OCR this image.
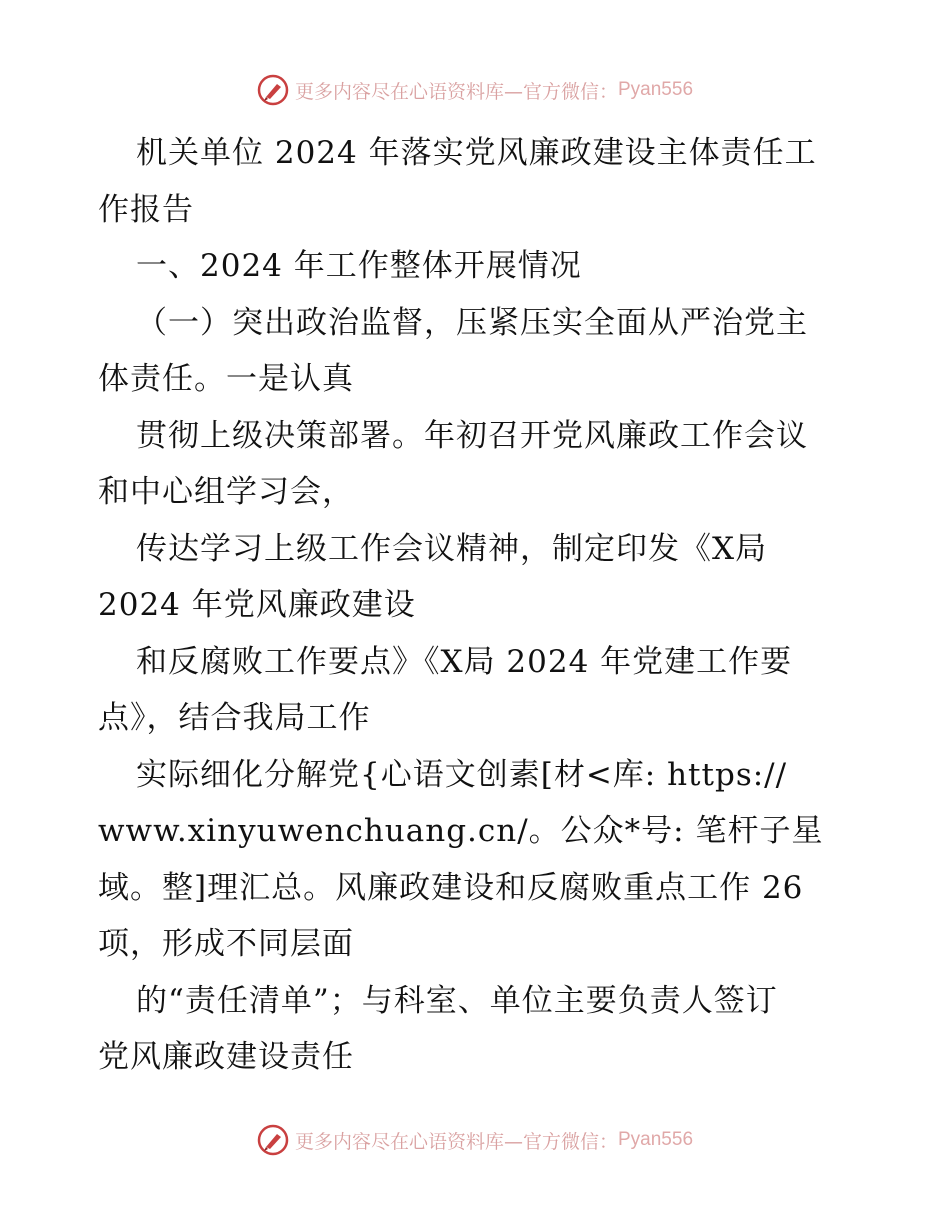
更多内容尽在心语资料库—官方微信： Pyan556
机关单位 2024 年落实党风廉政建设主体责任工
作报告
一、2024 年工作整体开展情况
（一）突出政治监督，压紧压实全面从严治党主
体责任。一是认真
贯彻上级决策部署。年初召开党风廉政工作会议
和中心组学习会，
传达学习上级工作会议精神，制定印发《X局
2024 年党风廉政建设
和反腐败工作要点》《X局 2024 年党建工作要
点》，结合我局工作
实际细化分解党{心语文创素[材<库: https://
www.xinyuwenchuang.cn/。公众*号: 笔杆子星
域。整]理汇总。风廉政建设和反腐败重点工作 26
项，形成不同层面
的“责任清单”；与科室、单位主要负责人签订
党风廉政建设责任
更多内容尽在心语资料库—官方微信： Pyan556
